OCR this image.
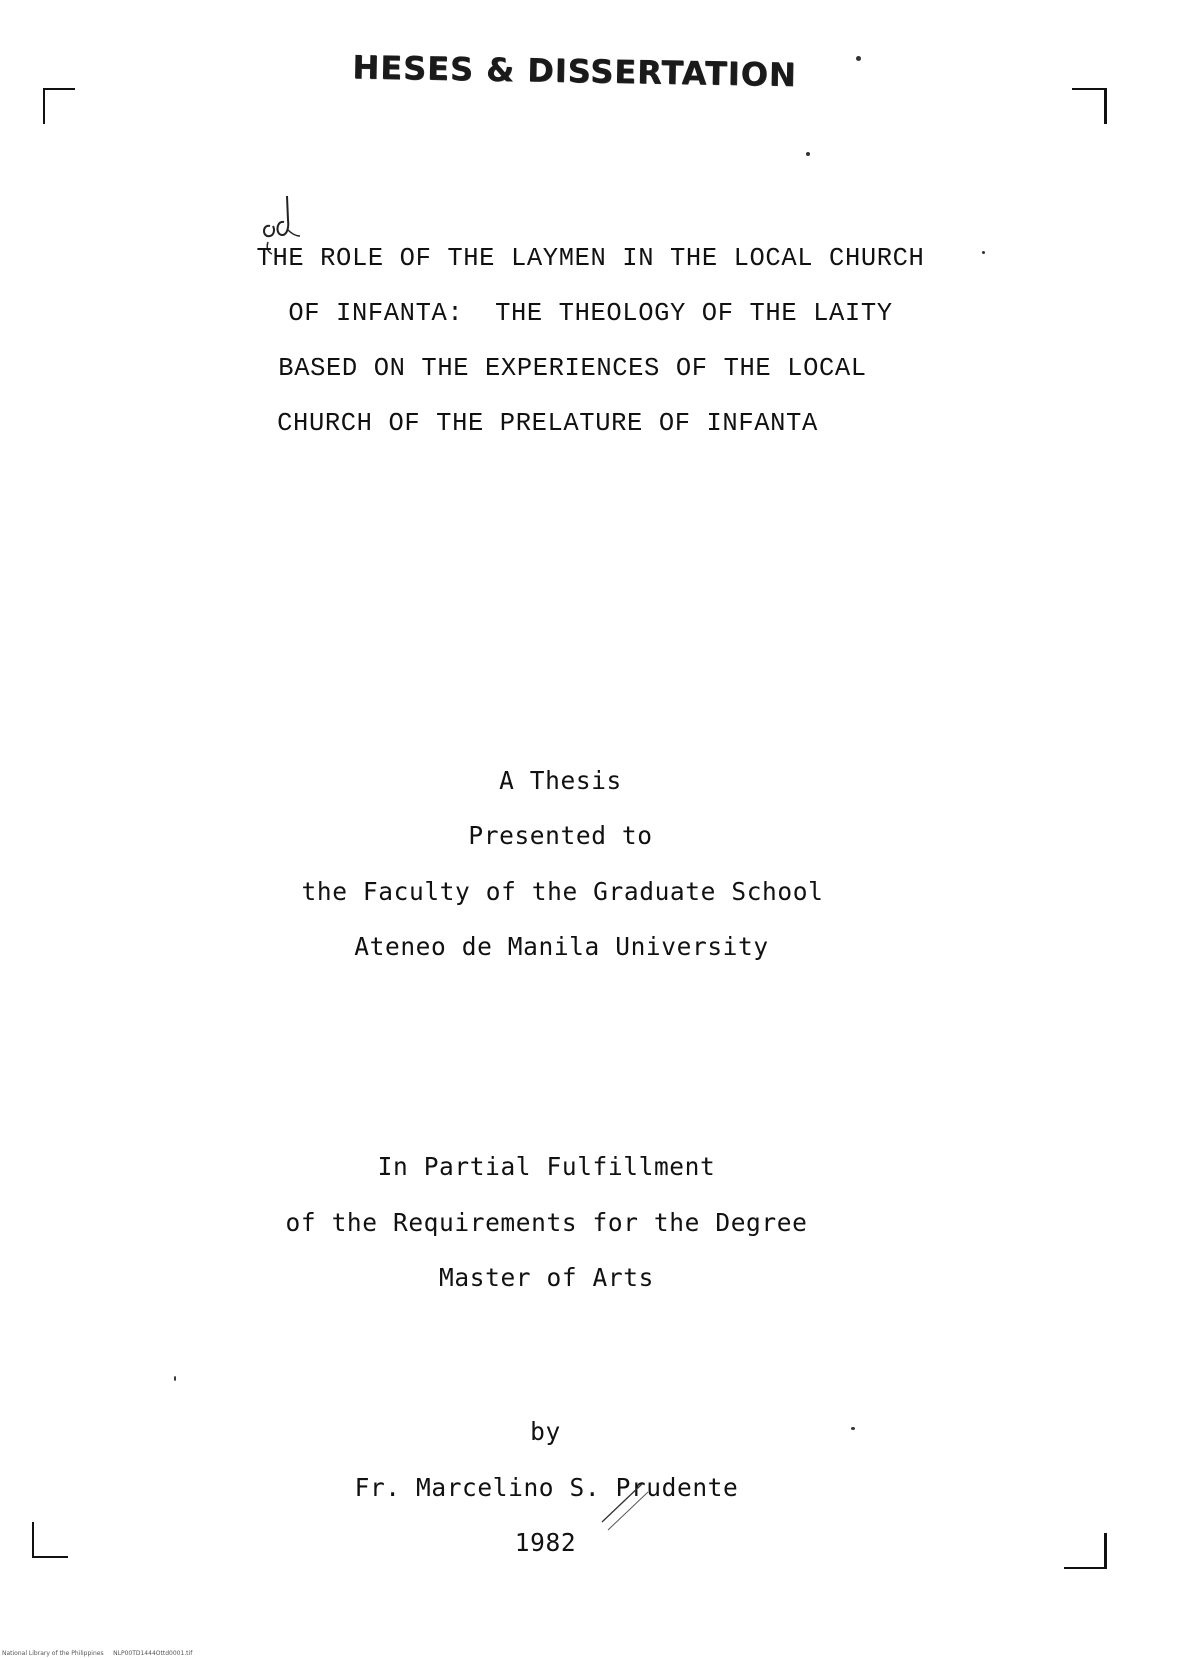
HESES & DISSERTATION
THE ROLE OF THE LAYMEN IN THE LOCAL CHURCH
OF INFANTA:  THE THEOLOGY OF THE LAITY
BASED ON THE EXPERIENCES OF THE LOCAL
CHURCH OF THE PRELATURE OF INFANTA
A Thesis
Presented to
the Faculty of the Graduate School
Ateneo de Manila University
In Partial Fulfillment
of the Requirements for the Degree
Master of Arts
by
Fr. Marcelino S. Prudente
1982
National Library of the Philippines NLP00TD1444Ottd0001.tif
